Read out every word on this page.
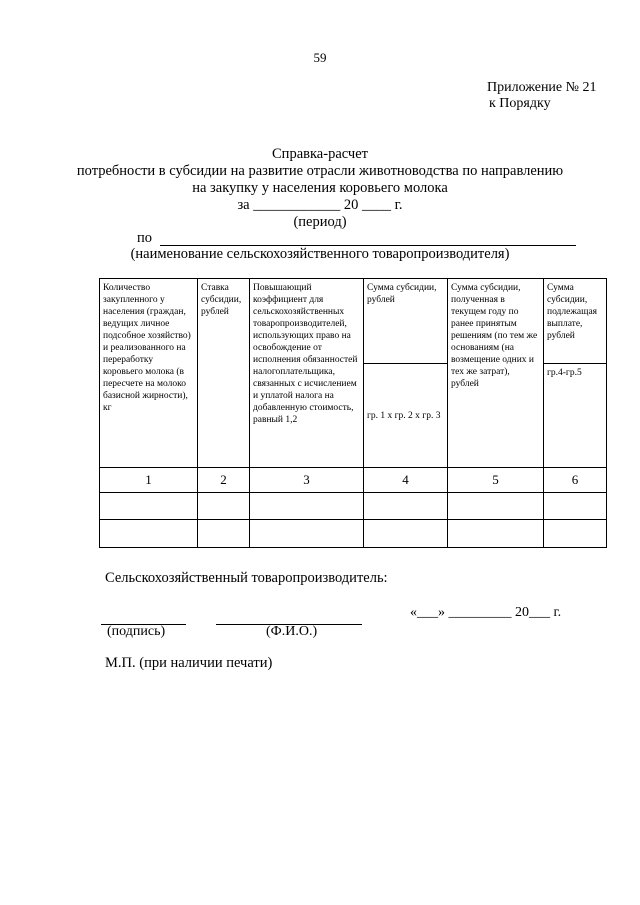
59
Приложение № 21
к Порядку
Справка-расчет
потребности в субсидии на развитие отрасли животноводства по направлению
на закупку у населения коровьего молока
за ____________ 20 ____ г.
(период)
по
(наименование сельскохозяйственного товаропроизводителя)
Количество закупленного у населения (граждан, ведущих личное подсобное хозяйство) и реализованного на переработку коровьего молока (в пересчете на молоко базисной жирности), кг	Ставка субсидии, рублей	Повышающий коэффициент для сельскохозяйственных товаропроизводителей, использующих право на освобождение от исполнения обязанностей налогоплательщика, связанных с исчислением и уплатой налога на добавленную стоимость, равный 1,2	Сумма субсидии, рублей	Сумма субсидии, полученная в текущем году по ранее принятым решениям (по тем же основаниям (на возмещение одних и тех же затрат), рублей	Сумма субсидии, подлежащая выплате, рублей
			гр. 1 х гр. 2 х гр. 3		гр.4-гр.5
1	2	3	4	5	6

Сельскохозяйственный товаропроизводитель:
(подпись)	(Ф.И.О.)
«___» _________ 20___ г.
М.П. (при наличии печати)
